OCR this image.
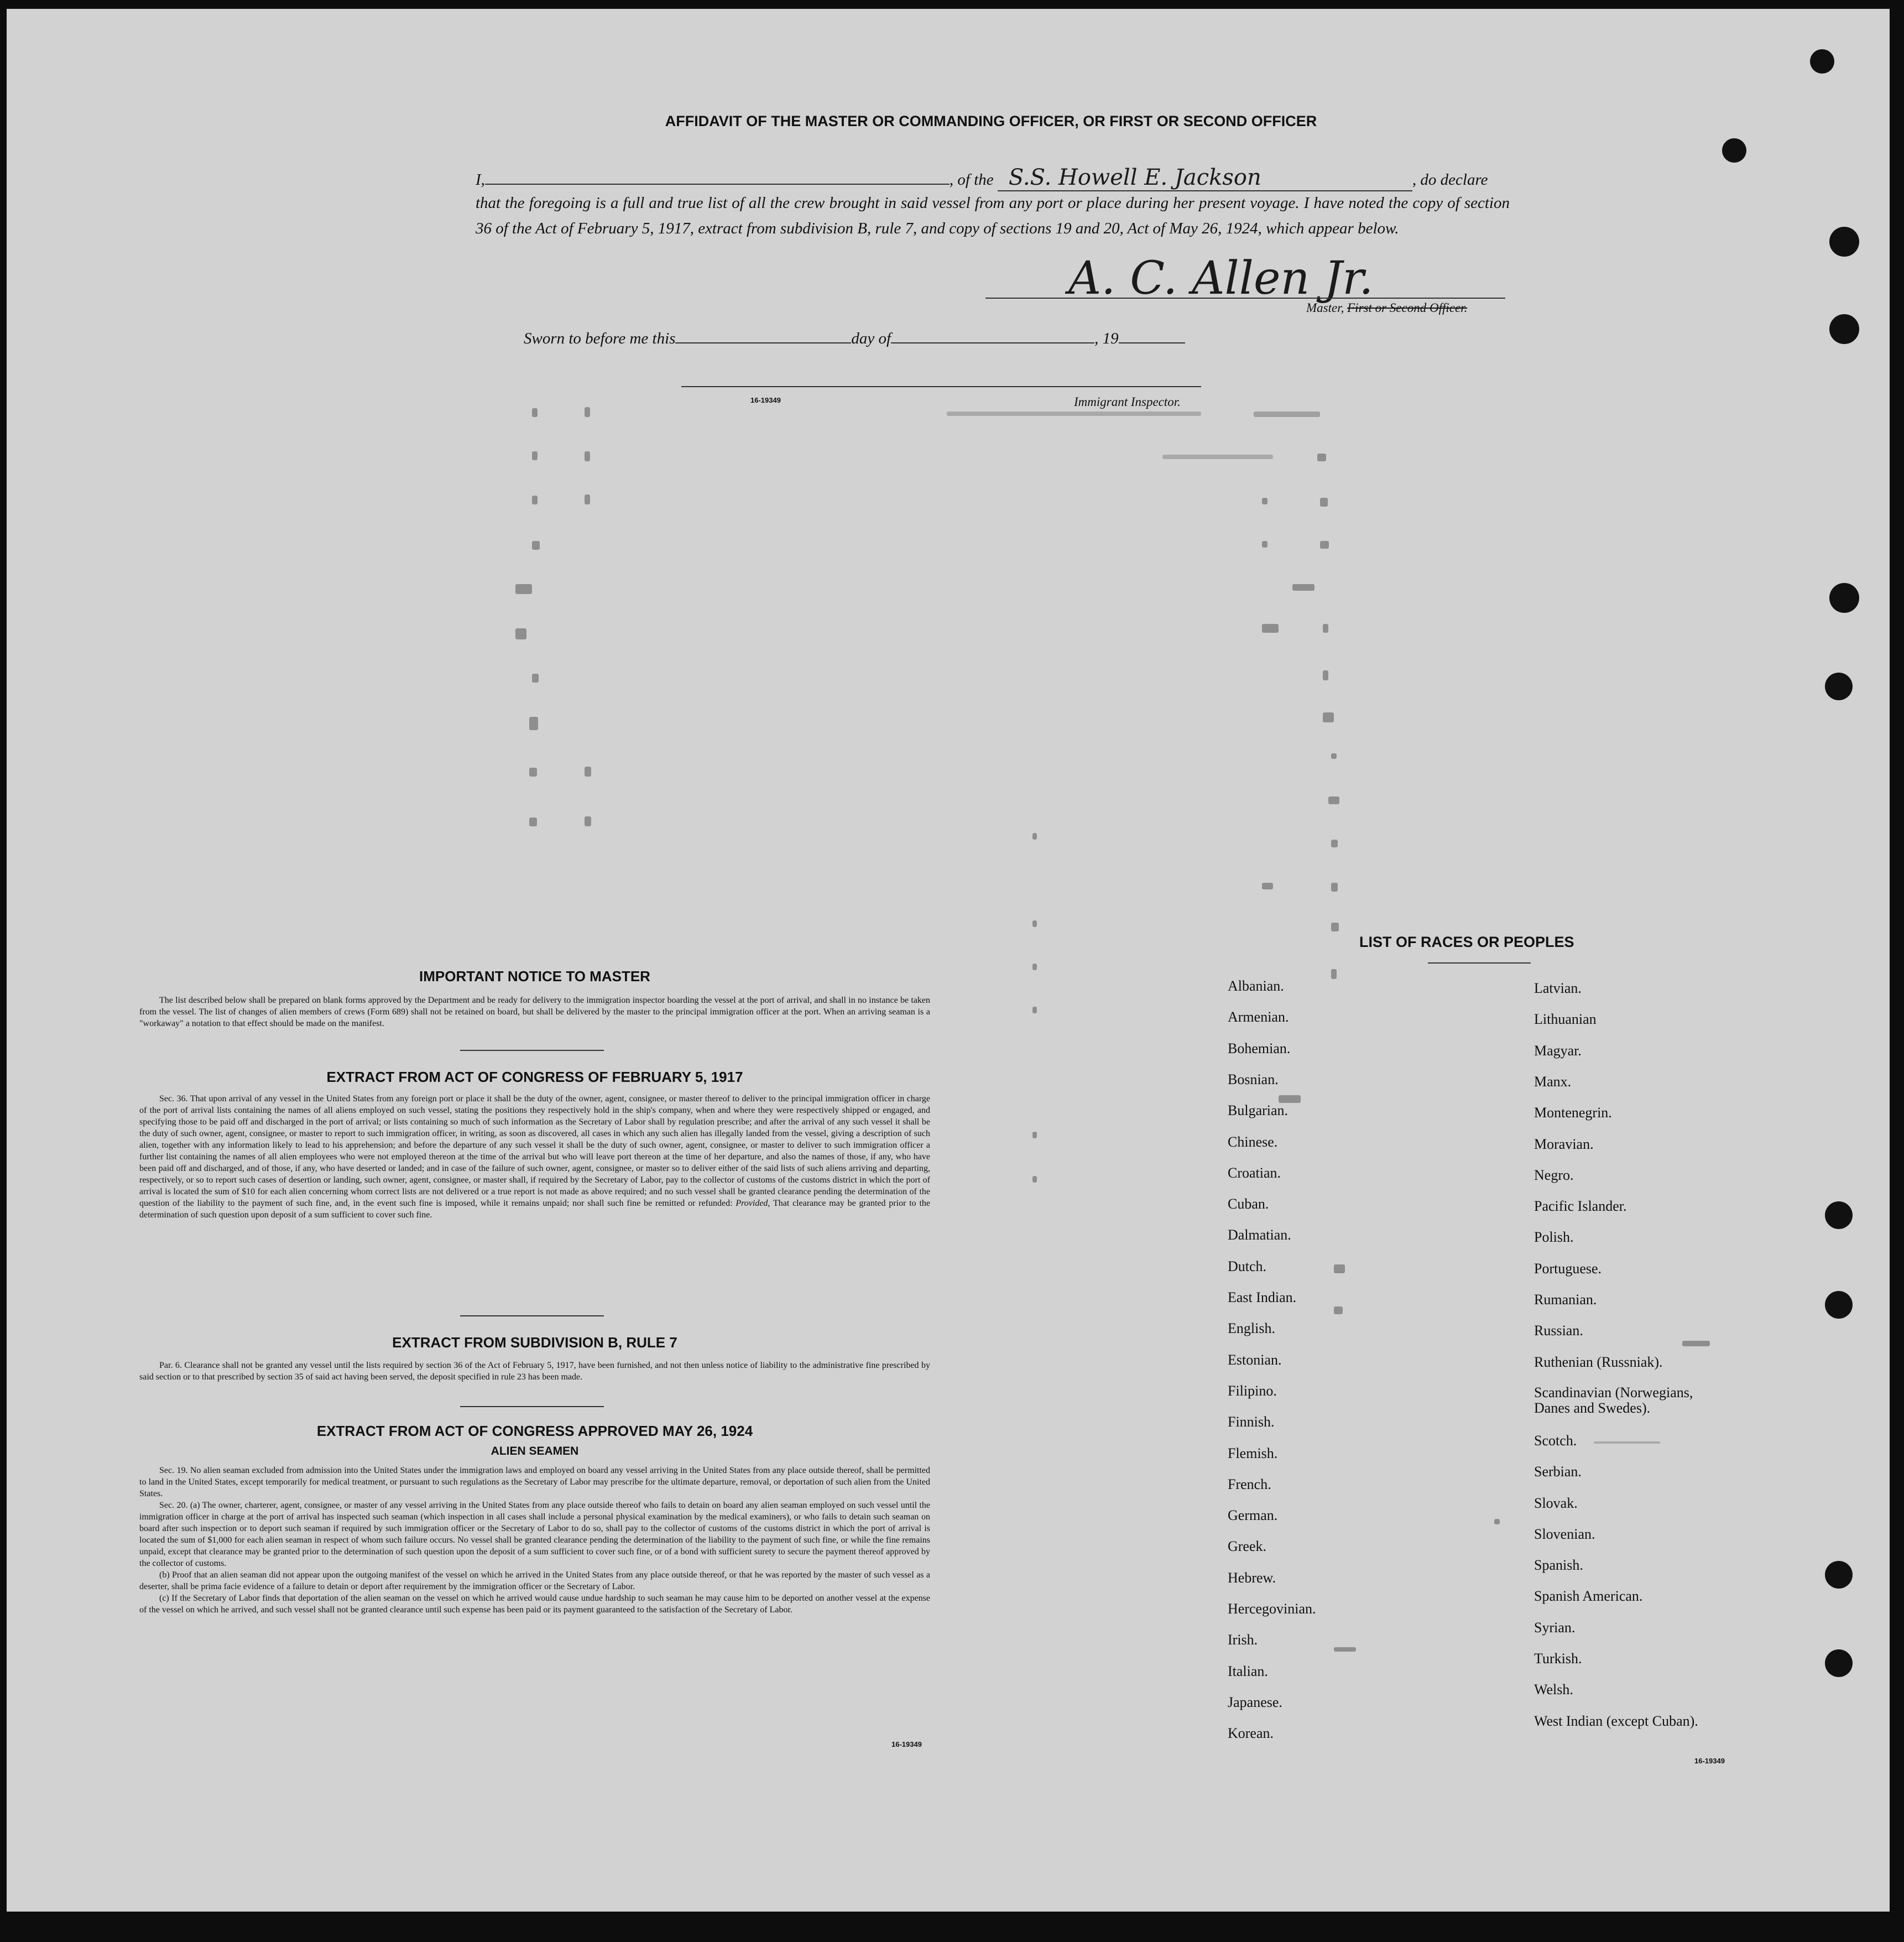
AFFIDAVIT OF THE MASTER OR COMMANDING OFFICER, OR FIRST OR SECOND OFFICER
I,	, of the S.S. Howell E. Jackson	, do declare
that the foregoing is a full and true list of all the crew brought in said vessel from any port or place during her present voyage. I have noted the copy of section 36 of the Act of February 5, 1917, extract from subdivision B, rule 7, and copy of sections 19 and 20, Act of May 26, 1924, which appear below.
A. C. Allen Jr.
Master, First or Second Officer.
Sworn to before me this	day of	, 19
16-19349	Immigrant Inspector.
IMPORTANT NOTICE TO MASTER

The list described below shall be prepared on blank forms approved by the Department and be ready for delivery to the immigration inspector boarding the vessel at the port of arrival, and shall in no instance be taken from the vessel. The list of changes of alien members of crews (Form 689) shall not be retained on board, but shall be delivered by the master to the principal immigration officer at the port. When an arriving seaman is a "workaway" a notation to that effect should be made on the manifest.

EXTRACT FROM ACT OF CONGRESS OF FEBRUARY 5, 1917

Sec. 36. That upon arrival of any vessel in the United States from any foreign port or place it shall be the duty of the owner, agent, consignee, or master thereof to deliver to the principal immigration officer in charge of the port of arrival lists containing the names of all aliens employed on such vessel, stating the positions they respectively hold in the ship's company, when and where they were respectively shipped or engaged, and specifying those to be paid off and discharged in the port of arrival; or lists containing so much of such information as the Secretary of Labor shall by regulation prescribe; and after the arrival of any such vessel it shall be the duty of such owner, agent, consignee, or master to report to such immigration officer, in writing, as soon as discovered, all cases in which any such alien has illegally landed from the vessel, giving a description of such alien, together with any information likely to lead to his apprehension; and before the departure of any such vessel it shall be the duty of such owner, agent, consignee, or master to deliver to such immigration officer a further list containing the names of all alien employees who were not employed thereon at the time of the arrival but who will leave port thereon at the time of her departure, and also the names of those, if any, who have been paid off and discharged, and of those, if any, who have deserted or landed; and in case of the failure of such owner, agent, consignee, or master so to deliver either of the said lists of such aliens arriving and departing, respectively, or so to report such cases of desertion or landing, such owner, agent, consignee, or master shall, if required by the Secretary of Labor, pay to the collector of customs of the customs district in which the port of arrival is located the sum of $10 for each alien concerning whom correct lists are not delivered or a true report is not made as above required; and no such vessel shall be granted clearance pending the determination of the question of the liability to the payment of such fine, and, in the event such fine is imposed, while it remains unpaid; nor shall such fine be remitted or refunded: Provided, That clearance may be granted prior to the determination of such question upon deposit of a sum sufficient to cover such fine.

EXTRACT FROM SUBDIVISION B, RULE 7

Par. 6. Clearance shall not be granted any vessel until the lists required by section 36 of the Act of February 5, 1917, have been furnished, and not then unless notice of liability to the administrative fine prescribed by said section or to that prescribed by section 35 of said act having been served, the deposit specified in rule 23 has been made.

EXTRACT FROM ACT OF CONGRESS APPROVED MAY 26, 1924
ALIEN SEAMEN

Sec. 19. No alien seaman excluded from admission into the United States under the immigration laws and employed on board any vessel arriving in the United States from any place outside thereof, shall be permitted to land in the United States, except temporarily for medical treatment, or pursuant to such regulations as the Secretary of Labor may prescribe for the ultimate departure, removal, or deportation of such alien from the United States.

Sec. 20. (a) The owner, charterer, agent, consignee, or master of any vessel arriving in the United States from any place outside thereof who fails to detain on board any alien seaman employed on such vessel until the immigration officer in charge at the port of arrival has inspected such seaman (which inspection in all cases shall include a personal physical examination by the medical examiners), or who fails to detain such seaman on board after such inspection or to deport such seaman if required by such immigration officer or the Secretary of Labor to do so, shall pay to the collector of customs of the customs district in which the port of arrival is located the sum of $1,000 for each alien seaman in respect of whom such failure occurs. No vessel shall be granted clearance pending the determination of the liability to the payment of such fine, or while the fine remains unpaid, except that clearance may be granted prior to the determination of such question upon the deposit of a sum sufficient to cover such fine, or of a bond with sufficient surety to secure the payment thereof approved by the collector of customs.

(b) Proof that an alien seaman did not appear upon the outgoing manifest of the vessel on which he arrived in the United States from any place outside thereof, or that he was reported by the master of such vessel as a deserter, shall be prima facie evidence of a failure to detain or deport after requirement by the immigration officer or the Secretary of Labor.

(c) If the Secretary of Labor finds that deportation of the alien seaman on the vessel on which he arrived would cause undue hardship to such seaman he may cause him to be deported on another vessel at the expense of the vessel on which he arrived, and such vessel shall not be granted clearance until such expense has been paid or its payment guaranteed to the satisfaction of the Secretary of Labor.

16-19349
LIST OF RACES OR PEOPLES
Albanian.
Armenian.
Bohemian.
Bosnian.
Bulgarian.
Chinese.
Croatian.
Cuban.
Dalmatian.
Dutch.
East Indian.
English.
Estonian.
Filipino.
Finnish.
Flemish.
French.
German.
Greek.
Hebrew.
Hercegovinian.
Irish.
Italian.
Japanese.
Korean.
Latvian.
Lithuanian
Magyar.
Manx.
Montenegrin.
Moravian.
Negro.
Pacific Islander.
Polish.
Portuguese.
Rumanian.
Russian.
Ruthenian (Russniak).
Scandinavian (Norwegians, Danes and Swedes).
Scotch.
Serbian.
Slovak.
Slovenian.
Spanish.
Spanish American.
Syrian.
Turkish.
Welsh.
West Indian (except Cuban).
16-19349
